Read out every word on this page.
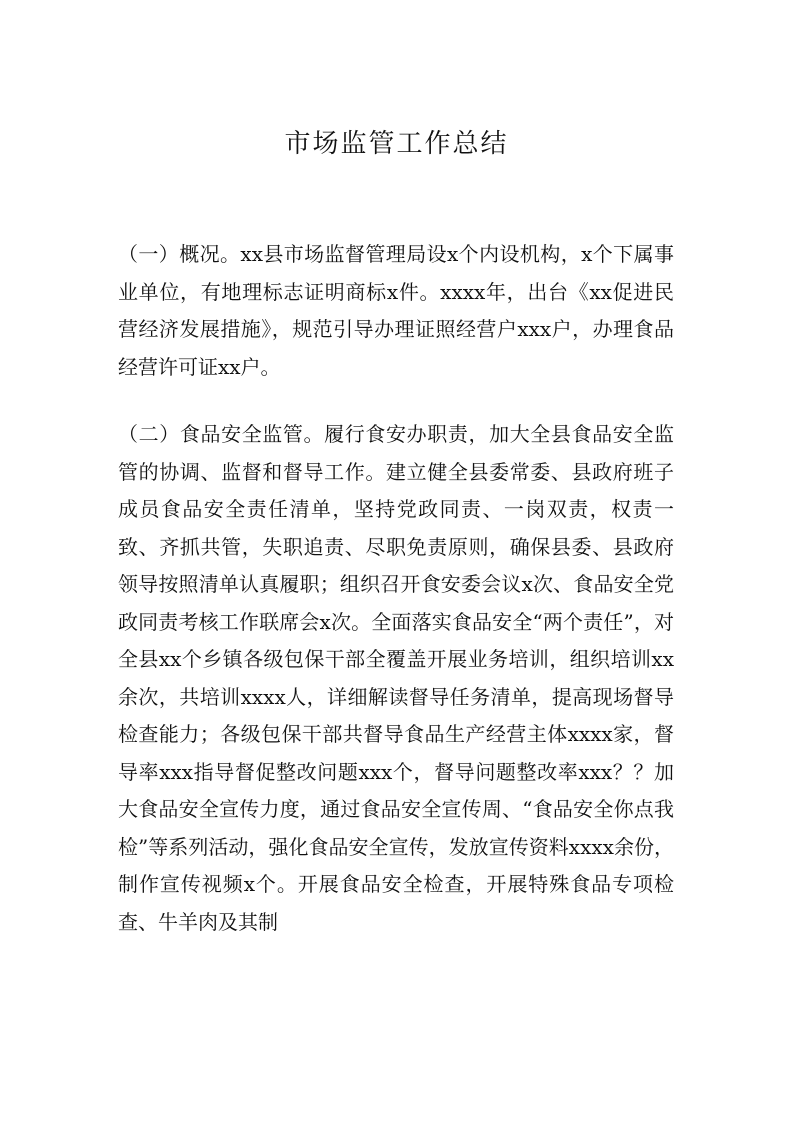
市场监管工作总结

（一）概况。xx县市场监督管理局设x个内设机构，x个下属事业单位，有地理标志证明商标x件。xxxx年，出台《xx促进民营经济发展措施》，规范引导办理证照经营户xxx户，办理食品经营许可证xx户。

（二）食品安全监管。履行食安办职责，加大全县食品安全监管的协调、监督和督导工作。建立健全县委常委、县政府班子成员食品安全责任清单，坚持党政同责、一岗双责，权责一致、齐抓共管，失职追责、尽职免责原则，确保县委、县政府领导按照清单认真履职；组织召开食安委会议x次、食品安全党政同责考核工作联席会x次。全面落实食品安全“两个责任”，对全县xx个乡镇各级包保干部全覆盖开展业务培训，组织培训xx余次，共培训xxxx人，详细解读督导任务清单，提高现场督导检查能力；各级包保干部共督导食品生产经营主体xxxx家，督导率xxx指导督促整改问题xxx个，督导问题整改率xxx？？加大食品安全宣传力度，通过食品安全宣传周、“食品安全你点我检”等系列活动，强化食品安全宣传，发放宣传资料xxxx余份，制作宣传视频x个。开展食品安全检查，开展特殊食品专项检查、牛羊肉及其制
